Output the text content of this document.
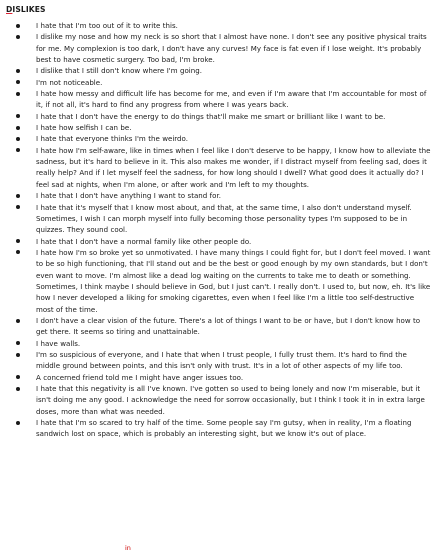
DISLIKES
I hate that I'm too out of it to write this.
I dislike my nose and how my neck is so short that I almost have none. I don't see any positive physical traits for me. My complexion is too dark, I don't have any curves! My face is fat even if I lose weight. It's probably best to have cosmetic surgery. Too bad, I'm broke.
I dislike that I still don't know where I'm going.
I'm not noticeable.
I hate how messy and difficult life has become for me, and even if I'm aware that I'm accountable for most of it, if not all, it's hard to find any progress from where I was years back.
I hate that I don't have the energy to do things that'll make me smart or brilliant like I want to be.
I hate how selfish I can be.
I hate that everyone thinks I'm the weirdo.
I hate how I'm self-aware, like in times when I feel like I don't deserve to be happy, I know how to alleviate the sadness, but it's hard to believe in it. This also makes me wonder, if I distract myself from feeling sad, does it really help? And if I let myself feel the sadness, for how long should I dwell? What good does it actually do? I feel sad at nights, when I'm alone, or after work and I'm left to my thoughts.
I hate that I don't have anything I want to stand for.
I hate that it's myself that I know most about, and that, at the same time, I also don't understand myself. Sometimes, I wish I can morph myself into fully becoming those personality types I'm supposed to be in quizzes. They sound cool.
I hate that I don't have a normal family like other people do.
I hate how I'm so broke yet so unmotivated. I have many things I could fight for, but I don't feel moved. I want to be so high functioning, that I'll stand out and be the best or good enough by my own standards, but I don't even want to move. I'm almost like a dead log waiting on the currents to take me to death or something. Sometimes, I think maybe I should believe in God, but I just can't. I really don't. I used to, but now, eh. It's like how I never developed a liking for smoking cigarettes, even when I feel like I'm a little too self-destructive most of the time.
I don't have a clear vision of the future. There's a lot of things I want to be or have, but I don't know how to get there. It seems so tiring and unattainable.
I have walls.
I'm so suspicious of everyone, and I hate that when I trust people, I fully trust them. It's hard to find the middle ground between points, and this isn't only with trust. It's in a lot of other aspects of my life too.
A concerned friend told me I might have anger issues too.
I hate that this negativity is all I've known. I've gotten so used to being lonely and now I'm miserable, but it isn't doing me any good. I acknowledge the need for sorrow occasionally, but I think I took it in in extra large doses, more than what was needed.
I hate that I'm so scared to try half of the time. Some people say I'm gutsy, when in reality, I'm a floating sandwich lost on space, which is probably an interesting sight, but we know it's out of place.
in
